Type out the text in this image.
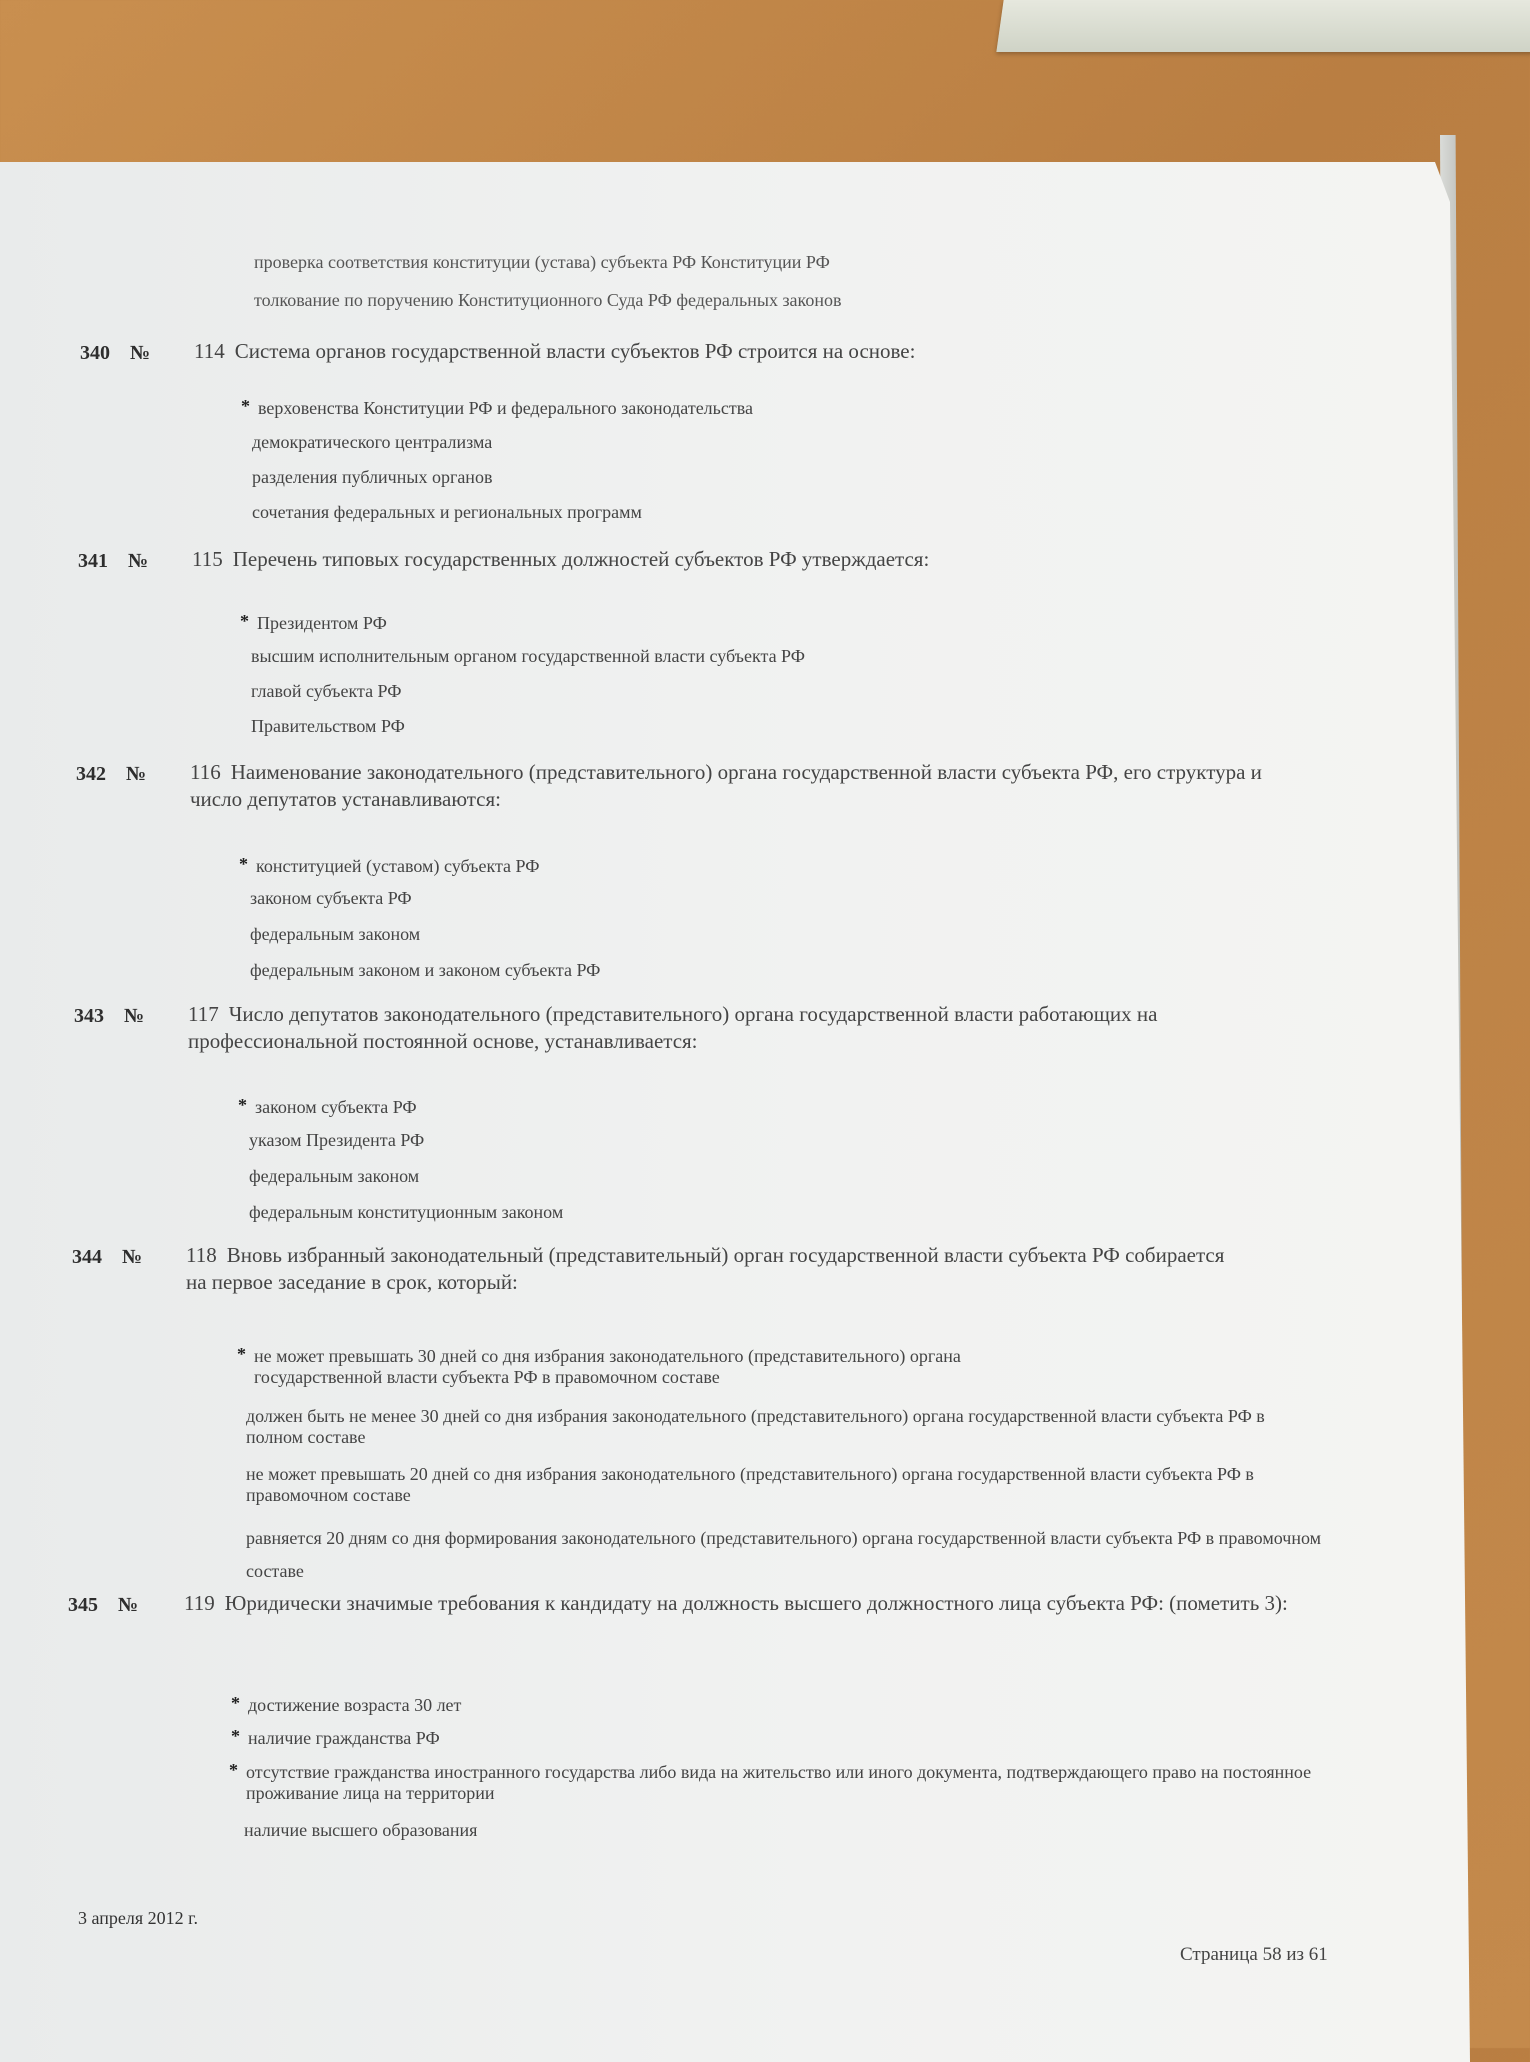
проверка соответствия конституции (устава) субъекта РФ Конституции РФ
толкование по поручению Конституционного Суда РФ федеральных законов
340 № 114 Система органов государственной власти субъектов РФ строится на основе:
* верховенства Конституции РФ и федерального законодательства
демократического централизма
разделения публичных органов
сочетания федеральных и региональных программ
341 № 115 Перечень типовых государственных должностей субъектов РФ утверждается:
* Президентом РФ
высшим исполнительным органом государственной власти субъекта РФ
главой субъекта РФ
Правительством РФ
342 № 116 Наименование законодательного (представительного) органа государственной власти субъекта РФ, его структура и число депутатов устанавливаются:
* конституцией (уставом) субъекта РФ
законом субъекта РФ
федеральным законом
федеральным законом и законом субъекта РФ
343 № 117 Число депутатов законодательного (представительного) органа государственной власти работающих на профессиональной постоянной основе, устанавливается:
* законом субъекта РФ
указом Президента РФ
федеральным законом
федеральным конституционным законом
344 № 118 Вновь избранный законодательный (представительный) орган государственной власти субъекта РФ собирается на первое заседание в срок, который:
* не может превышать 30 дней со дня избрания законодательного (представительного) органа государственной власти субъекта РФ в правомочном составе
должен быть не менее 30 дней со дня избрания законодательного (представительного) органа государственной власти субъекта РФ в полном составе
не может превышать 20 дней со дня избрания законодательного (представительного) органа государственной власти субъекта РФ в правомочном составе
равняется 20 дням со дня формирования законодательного (представительного) органа государственной власти субъекта РФ в правомочном составе
345 № 119 Юридически значимые требования к кандидату на должность высшего должностного лица субъекта РФ: (пометить 3):
* достижение возраста 30 лет
* наличие гражданства РФ
* отсутствие гражданства иностранного государства либо вида на жительство или иного документа, подтверждающего право на постоянное проживание лица на территории
наличие высшего образования
3 апреля 2012 г.
Страница 58 из 61
